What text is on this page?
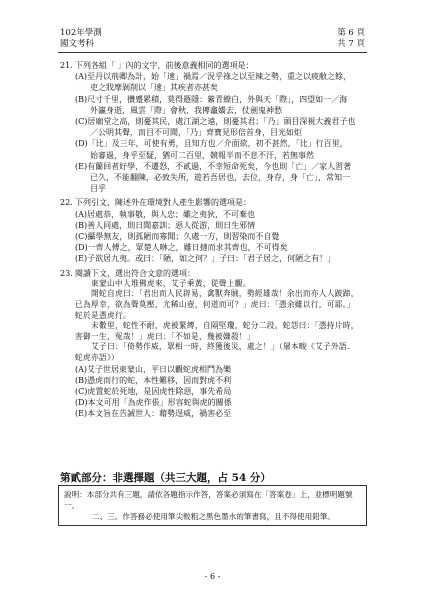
102年學測
國文考科
第 6 頁
共 7 頁
21. 下列各組「 」內的文字，前後意義相同的選項是：
(A)至丹以荊卿為計，始「速」禍焉／況乎祿之以至辣之勢，重之以疲敝之餘，
吏之戕摩剝削以「速」其疾者亦甚矣
(B)尺寸千里，攢蹙累積，莫得遯隱：縈青繚白，外與天「際」，四望如一／海
外瀛身逝，風雲「際」會秋，我傳龕嬌去，仗劍鬼神愁
(C)居廟堂之高，則憂其民，處江湖之遠，則憂其君；「乃」頭目深視大義君子也
／公明其聲，而目不可聞，「乃」齊寶見形倍首身，目光如炬
(D)「比」及三年，可使有勇，且知方也／介面欲，初不甚然，「比」行百里，
始審過，身乎至疑，猶可二百里，競報半而不息不汗，若無事然
(E)有蘭回者好學，不遷怒，不貳過，不幸短命死矣，今也則「亡」／家人習著
已久，不能翻陳，必致失所，遊若吾居也，去位，身存，身「亡」，常知一
目乎
22. 下列引文，陳述外在環境對人產生影響的選項是：
(A)居處恭，執事敬，與人忠；雖之夷狄，不可棄也
(B)善人同處，則日聞嘉訓；惡人從游，則日生邪情
(C)攝學無友，則孤陋而寡聞；久處一方，則習染而不自覺
(D)一齊人傅之，眾楚人咻之，雖日撻而求其齊也，不可得矣
(E)子欲居九夷。或曰：「陋，如之何？」子曰：「君子居之，何陋之有！」
23. 閱讀下文，選出符合文意的選項：
東蒙山中人堆佛虎來，艾子乘黃，從聲上觀。
開蛇自虎曰：「君出而人民辟易，禽獸奔賊，勢經雄哉！余出而亦人人跛蹄，
已為厚幸，欲為聲莫壓，尤稀山壺，何道而可？」虎曰：「憑余雖以行，可耶。」
蛇於是憑虎行。
未數里，蛇性不耐，虎被緊縛，自隔堅瓊，蛇分二段。蛇怨曰：「憑持片時，
害御一生，冤哉！」虎曰：「不如是，幾被嫌殺！」
艾子曰：「倚勢作威，眾相一時，終獲後災，處之！」（屠本畯《艾子外語．
蛇虎亦語》）
(A)艾子世居東蒙山，平日以觀蛇虎相鬥為樂
(B)憑虎而行的蛇，本性難移，因而對虎不利
(C)虎置蛇於死地，是因虎性除惡，事先希局
(D)本文可用「為虎作倀」形容蛇與虎的關係
(E)本文旨在告誡世人：藉勢逞威，禍害必至
第貳部分：非選擇題（共三大題，占 54 分）
說明：本部分共有三題，請依各題指示作答，答案必須寫在「答案卷」上，並標明題號一、
二、三。作答務必使用筆尖較粗之黑色墨水的筆書寫，且不得使用鉛筆。
- 6 -
